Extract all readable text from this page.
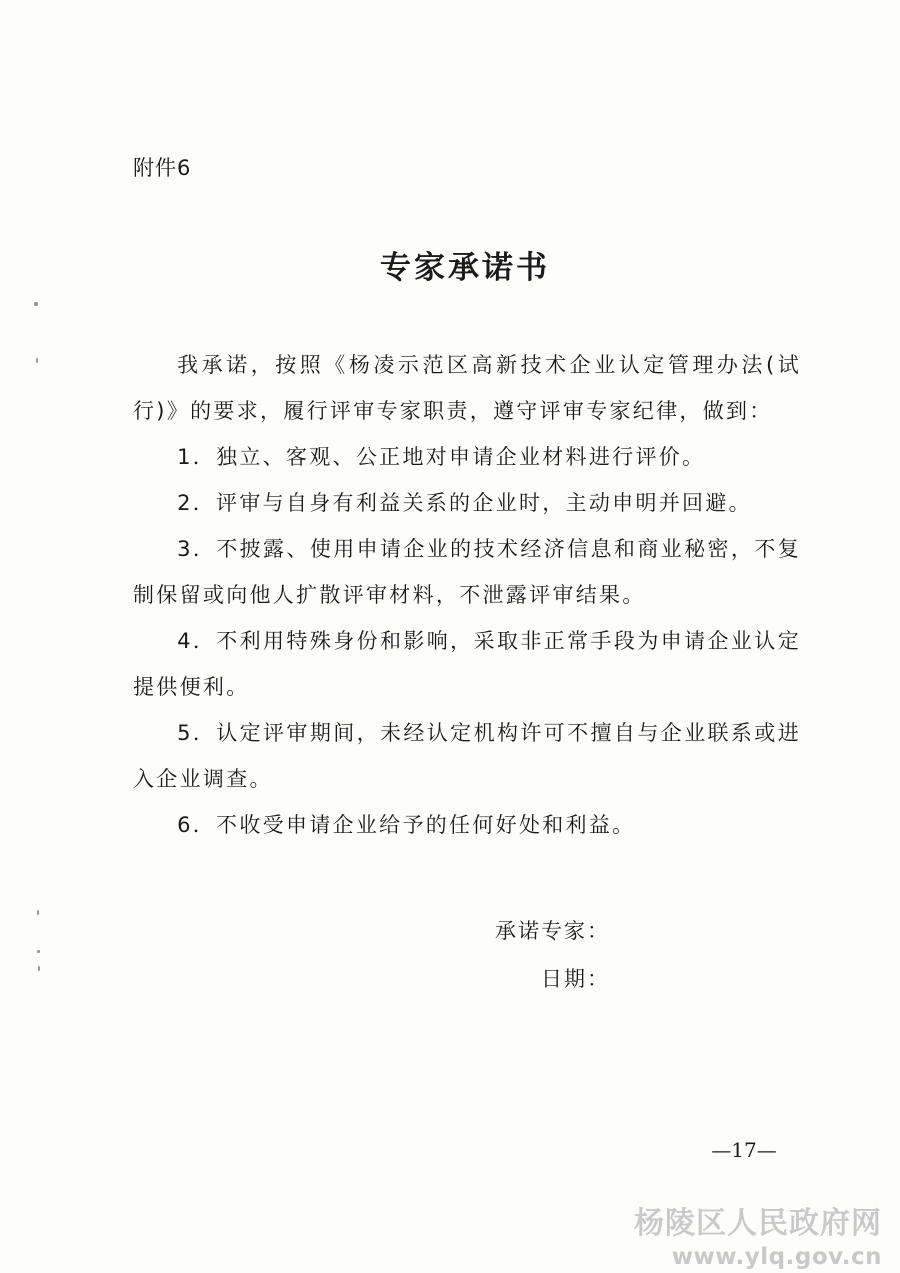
附件6
专家承诺书

我承诺，按照《杨凌示范区高新技术企业认定管理办法(试行)》的要求，履行评审专家职责，遵守评审专家纪律，做到：

1．独立、客观、公正地对申请企业材料进行评价。

2．评审与自身有利益关系的企业时，主动申明并回避。

3．不披露、使用申请企业的技术经济信息和商业秘密，不复制保留或向他人扩散评审材料，不泄露评审结果。

4．不利用特殊身份和影响，采取非正常手段为申请企业认定提供便利。

5．认定评审期间，未经认定机构许可不擅自与企业联系或进入企业调查。

6．不收受申请企业给予的任何好处和利益。

承诺专家：
日期：
—17—
杨陵区人民政府网
www.ylq.gov.cn
